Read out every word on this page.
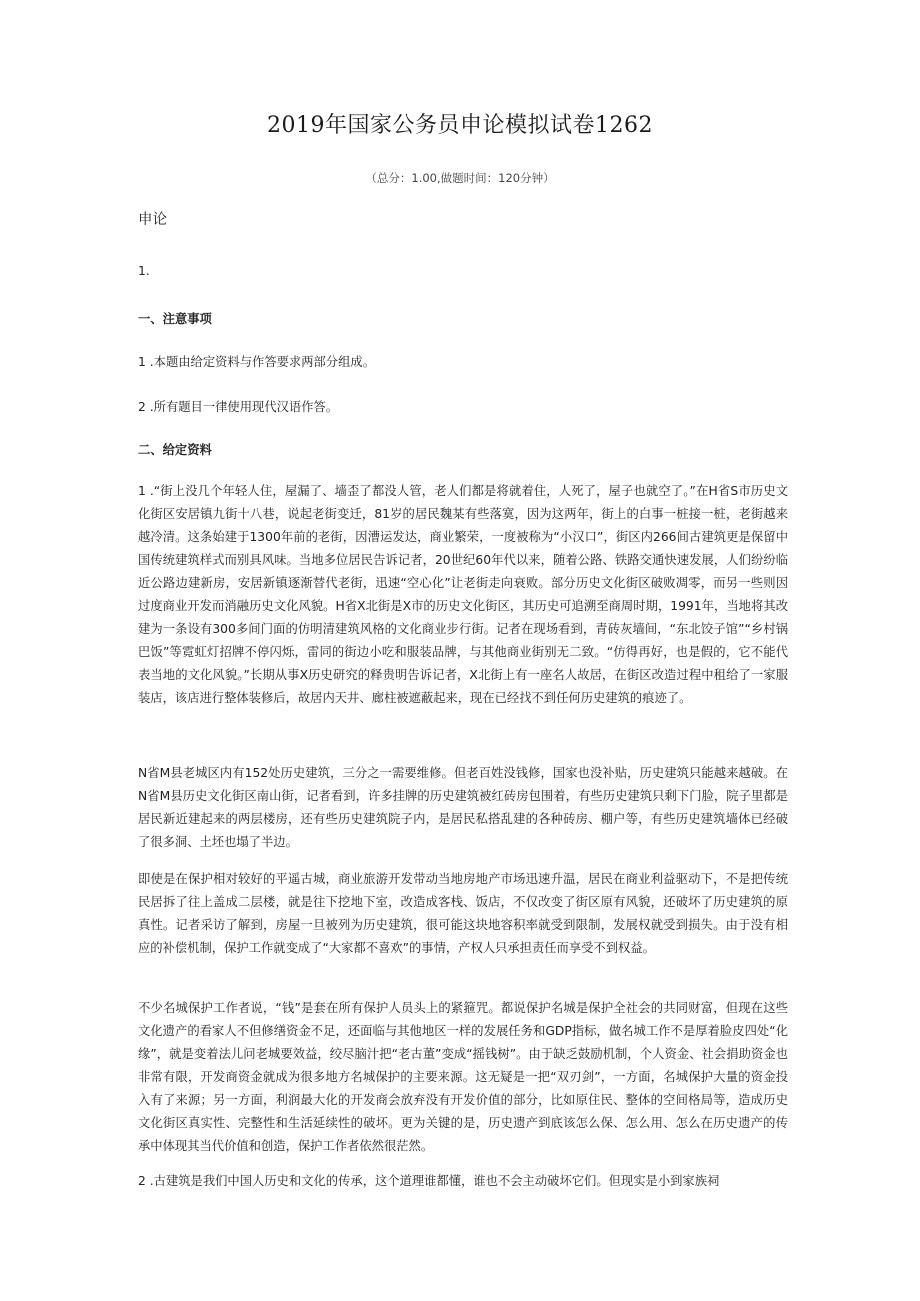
2019年国家公务员申论模拟试卷1262
（总分：1.00,做题时间：120分钟）
申论
1.
一、注意事项
1 .本题由给定资料与作答要求两部分组成。
2 .所有题目一律使用现代汉语作答。
二、给定资料
1 .“街上没几个年轻人住，屋漏了、墙歪了都没人管，老人们都是将就着住，人死了，屋子也就空了。”在H省S市历史文化街区安居镇九街十八巷，说起老街变迁，81岁的居民魏某有些落寞，因为这两年，街上的白事一桩接一桩，老街越来越冷清。这条始建于1300年前的老街，因漕运发达，商业繁荣，一度被称为“小汉口”，街区内266间古建筑更是保留中国传统建筑样式而别具风味。当地多位居民告诉记者，20世纪60年代以来，随着公路、铁路交通快速发展，人们纷纷临近公路边建新房，安居新镇逐渐替代老街，迅速“空心化”让老街走向衰败。部分历史文化街区破败凋零，而另一些则因过度商业开发而消融历史文化风貌。H省X北街是X市的历史文化街区，其历史可追溯至商周时期，1991年，当地将其改建为一条设有300多间门面的仿明清建筑风格的文化商业步行街。记者在现场看到，青砖灰墙间，“东北饺子馆”“乡村锅巴饭”等霓虹灯招牌不停闪烁，雷同的街边小吃和服装品牌，与其他商业街别无二致。“仿得再好，也是假的，它不能代表当地的文化风貌。”长期从事X历史研究的释贵明告诉记者，X北街上有一座名人故居，在街区改造过程中租给了一家服装店，该店进行整体装修后，故居内天井、廊柱被遮蔽起来，现在已经找不到任何历史建筑的痕迹了。
N省M县老城区内有152处历史建筑，三分之一需要维修。但老百姓没钱修，国家也没补贴，历史建筑只能越来越破。在N省M县历史文化街区南山街，记者看到，许多挂牌的历史建筑被红砖房包围着，有些历史建筑只剩下门脸，院子里都是居民新近建起来的两层楼房，还有些历史建筑院子内，是居民私搭乱建的各种砖房、棚户等，有些历史建筑墙体已经破了很多洞、土坯也塌了半边。
即使是在保护相对较好的平遥古城，商业旅游开发带动当地房地产市场迅速升温，居民在商业利益驱动下，不是把传统民居拆了往上盖成二层楼，就是往下挖地下室，改造成客栈、饭店，不仅改变了街区原有风貌，还破坏了历史建筑的原真性。记者采访了解到，房屋一旦被列为历史建筑，很可能这块地容积率就受到限制，发展权就受到损失。由于没有相应的补偿机制，保护工作就变成了“大家都不喜欢”的事情，产权人只承担责任而享受不到权益。
不少名城保护工作者说，“钱”是套在所有保护人员头上的紧箍咒。都说保护名城是保护全社会的共同财富，但现在这些文化遗产的看家人不但修缮资金不足，还面临与其他地区一样的发展任务和GDP指标，做名城工作不是厚着脸皮四处“化缘”，就是变着法儿问老城要效益，绞尽脑汁把“老古董”变成“摇钱树”。由于缺乏鼓励机制，个人资金、社会捐助资金也非常有限，开发商资金就成为很多地方名城保护的主要来源。这无疑是一把“双刃剑”，一方面，名城保护大量的资金投入有了来源；另一方面，利润最大化的开发商会放弃没有开发价值的部分，比如原住民、整体的空间格局等，造成历史文化街区真实性、完整性和生活延续性的破坏。更为关键的是，历史遗产到底该怎么保、怎么用、怎么在历史遗产的传承中体现其当代价值和创造，保护工作者依然很茫然。
2 .古建筑是我们中国人历史和文化的传承，这个道理谁都懂，谁也不会主动破坏它们。但现实是小到家族祠
